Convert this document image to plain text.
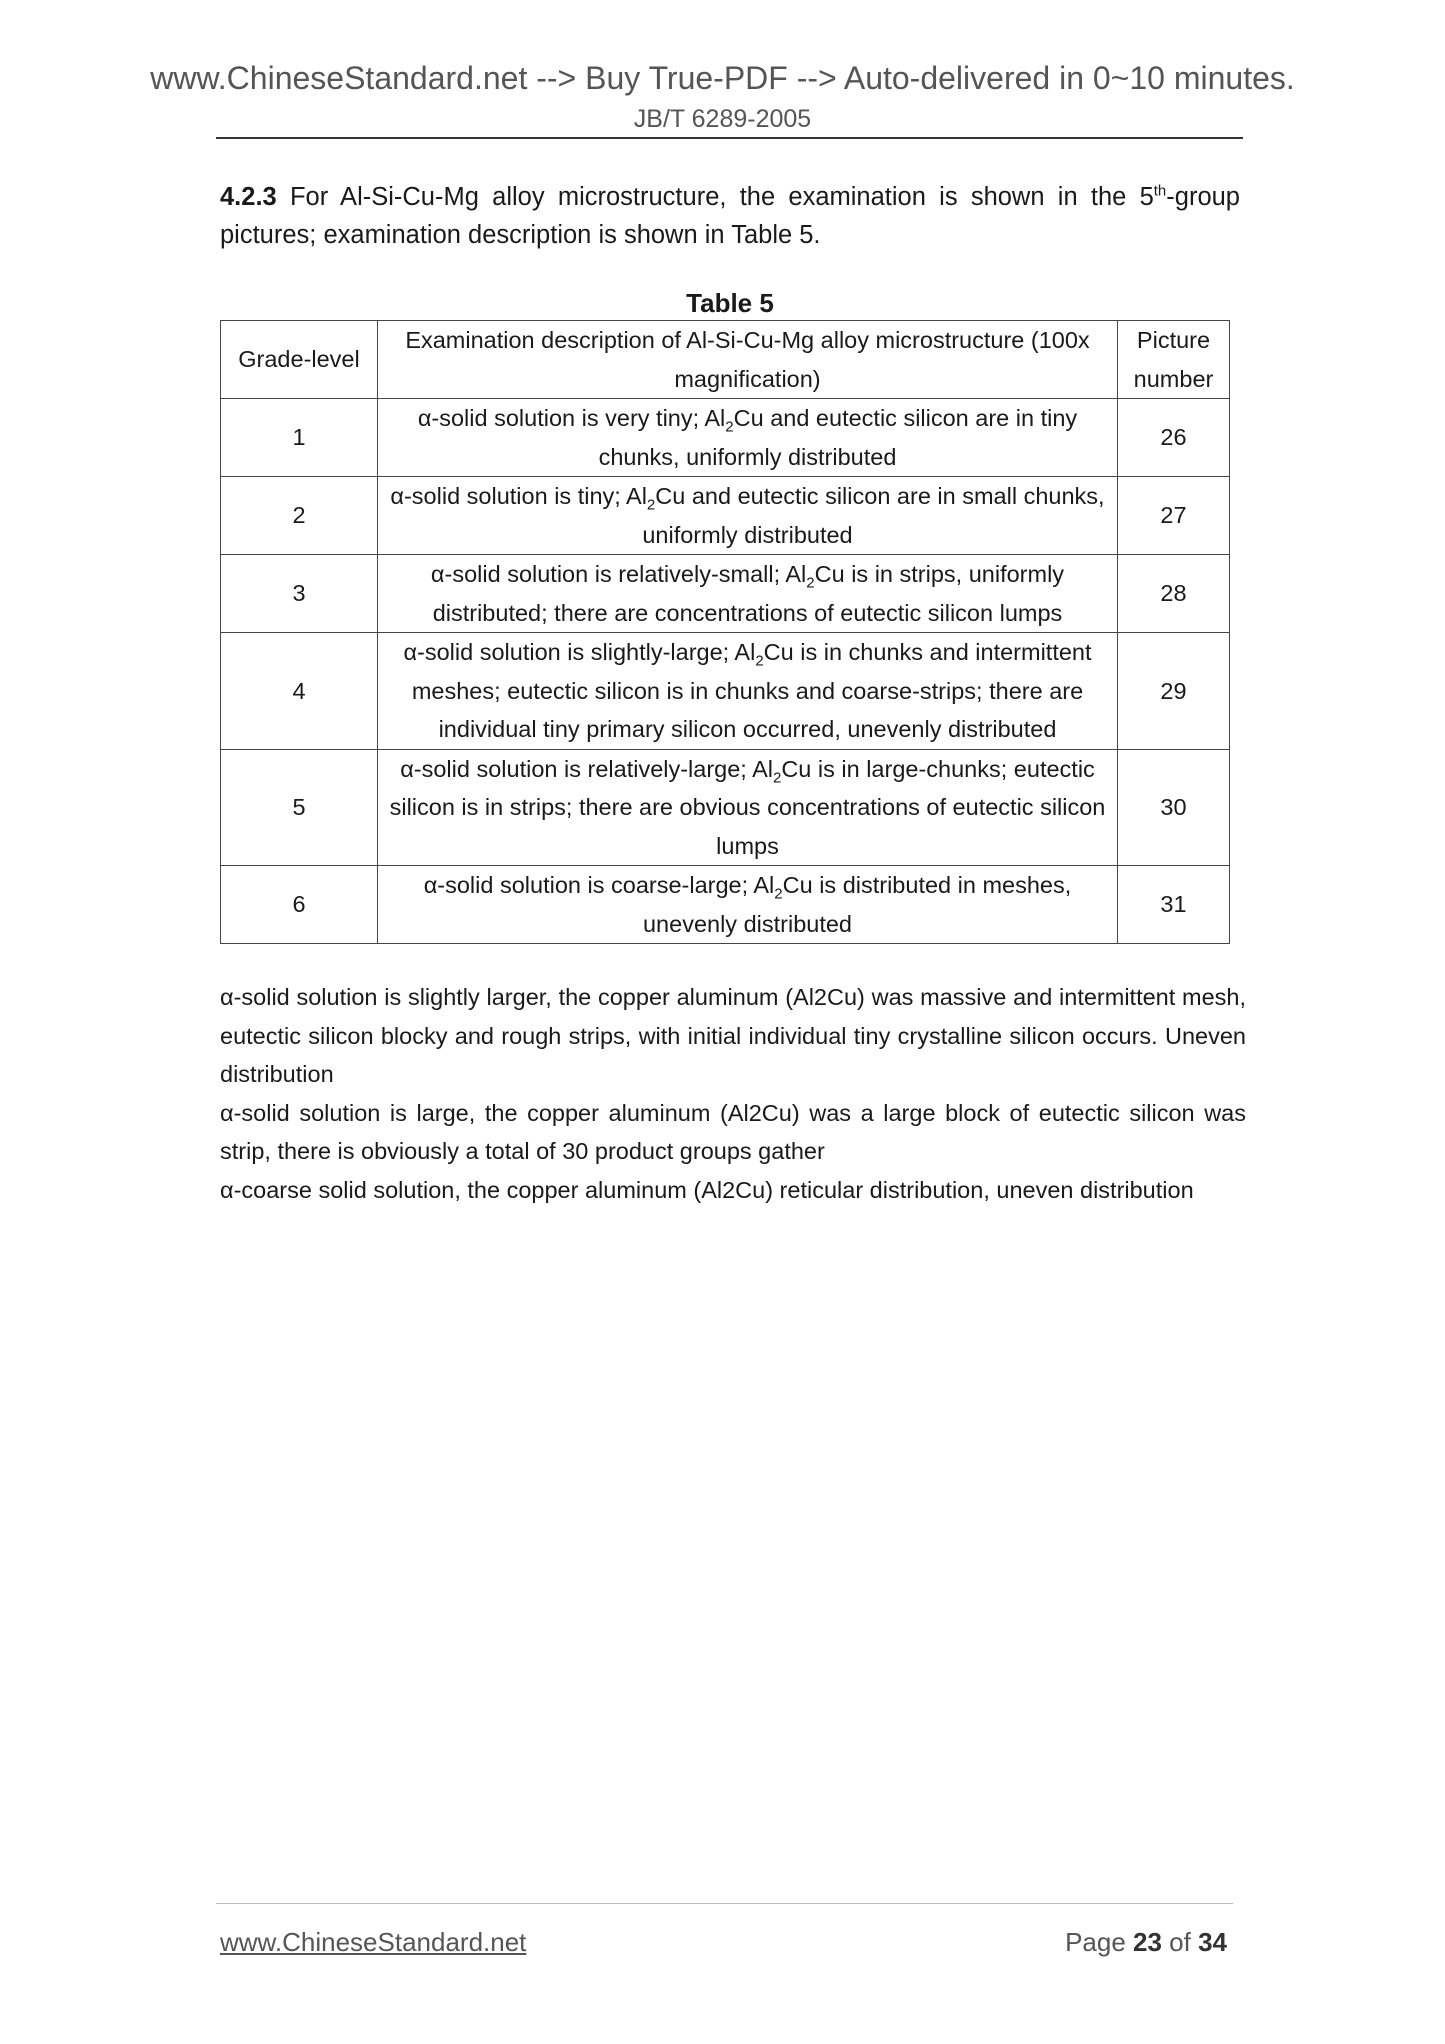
www.ChineseStandard.net --> Buy True-PDF --> Auto-delivered in 0~10 minutes.
JB/T 6289-2005
4.2.3 For Al-Si-Cu-Mg alloy microstructure, the examination is shown in the 5th-group pictures; examination description is shown in Table 5.
Table 5
Grade-level	Examination description of Al-Si-Cu-Mg alloy microstructure (100x magnification)	Picture number
1	α-solid solution is very tiny; $Al_2Cu$ and eutectic silicon are in tiny chunks, uniformly distributed	26
2	α-solid solution is tiny; $Al_2Cu$ and eutectic silicon are in small chunks, uniformly distributed	27
3	α-solid solution is relatively-small; $Al_2Cu$ is in strips, uniformly distributed; there are concentrations of eutectic silicon lumps	28
4	α-solid solution is slightly-large; $Al_2Cu$ is in chunks and intermittent meshes; eutectic silicon is in chunks and coarse-strips; there are individual tiny primary silicon occurred, unevenly distributed	29
5	α-solid solution is relatively-large; $Al_2Cu$ is in large-chunks; eutectic silicon is in strips; there are obvious concentrations of eutectic silicon lumps	30
6	α-solid solution is coarse-large; $Al_2Cu$ is distributed in meshes, unevenly distributed	31

α-solid solution is slightly larger, the copper aluminum (Al2Cu) was massive and intermittent mesh, eutectic silicon blocky and rough strips, with initial individual tiny crystalline silicon occurs. Uneven distribution

α-solid solution is large, the copper aluminum (Al2Cu) was a large block of eutectic silicon was strip, there is obviously a total of 30 product groups gather

α-coarse solid solution, the copper aluminum (Al2Cu) reticular distribution, uneven distribution

www.ChineseStandard.net	Page 23 of 34
